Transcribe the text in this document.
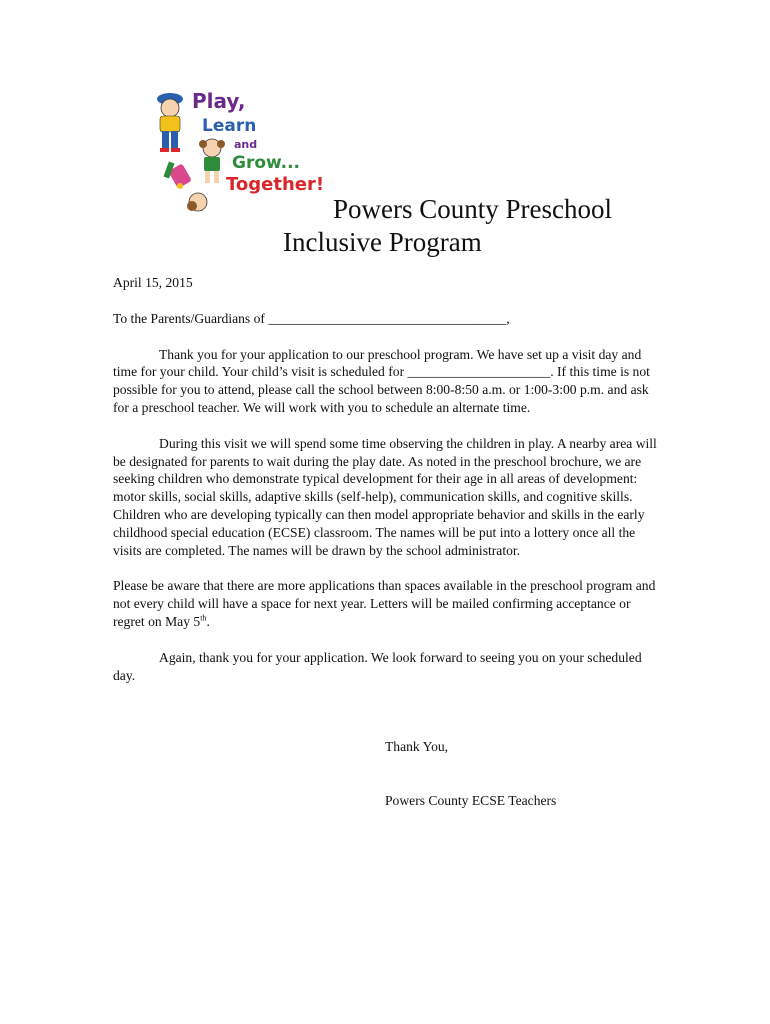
Play,
Learn
and
Grow...
Together!
Powers County Preschool
Inclusive Program

April 15, 2015

To the Parents/Guardians of ___________________________________,

Thank you for your application to our preschool program. We have set up a visit day and time for your child. Your child’s visit is scheduled for _____________________. If this time is not possible for you to attend, please call the school between 8:00-8:50 a.m. or 1:00-3:00 p.m. and ask for a preschool teacher. We will work with you to schedule an alternate time.

During this visit we will spend some time observing the children in play. A nearby area will be designated for parents to wait during the play date. As noted in the preschool brochure, we are seeking children who demonstrate typical development for their age in all areas of development: motor skills, social skills, adaptive skills (self-help), communication skills, and cognitive skills. Children who are developing typically can then model appropriate behavior and skills in the early childhood special education (ECSE) classroom. The names will be put into a lottery once all the visits are completed. The names will be drawn by the school administrator.

Please be aware that there are more applications than spaces available in the preschool program and not every child will have a space for next year. Letters will be mailed confirming acceptance or regret on May 5th.

Again, thank you for your application. We look forward to seeing you on your scheduled day.

Thank You,
Powers County ECSE Teachers
